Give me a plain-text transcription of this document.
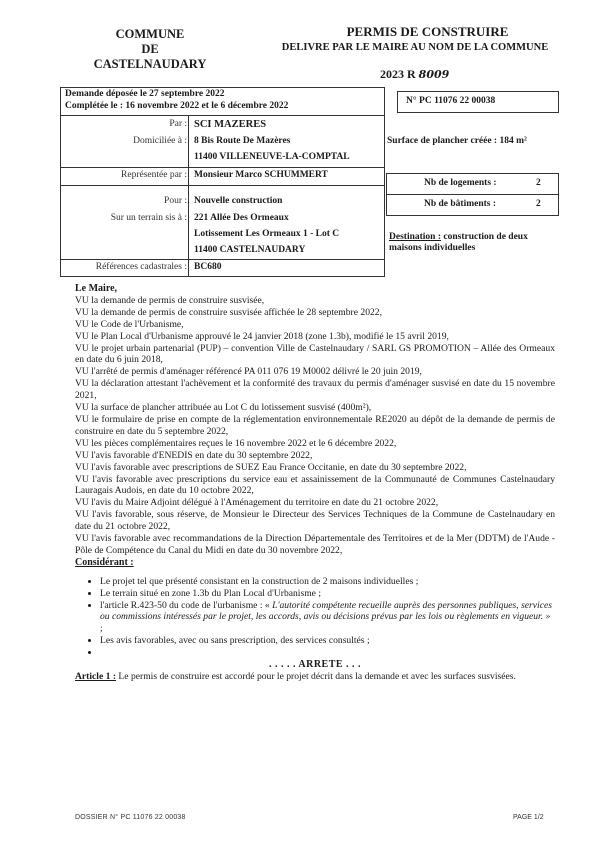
COMMUNE
DE
CASTELNAUDARY
PERMIS DE CONSTRUIRE
DELIVRE PAR LE MAIRE AU NOM DE LA COMMUNE
2023 R 8009
Demande déposée le 27 septembre 2022
Complétée le : 16 novembre 2022 et le 6 décembre 2022
Par : SCI MAZERES
Domiciliée à : 8 Bis Route De Mazères
11400 VILLENEUVE-LA-COMPTAL
Représentée par : Monsieur Marco SCHUMMERT
Pour : Nouvelle construction
Sur un terrain sis à : 221 Allée Des Ormeaux
Lotissement Les Ormeaux 1 - Lot C
11400 CASTELNAUDARY
Références cadastrales : BC680
N° PC 11076 22 00038
Surface de plancher créée : 184 m²
Nb de logements :	2
Nb de bâtiments :	2
Destination : construction de deux maisons individuelles

Le Maire,

VU la demande de permis de construire susvisée,

VU la demande de permis de construire susvisée affichée le 28 septembre 2022,

VU le Code de l'Urbanisme,

VU le Plan Local d'Urbanisme approuvé le 24 janvier 2018 (zone 1.3b), modifié le 15 avril 2019,

VU le projet urbain partenarial (PUP) – convention Ville de Castelnaudary / SARL GS PROMOTION – Allée des Ormeaux en date du 6 juin 2018,

VU l'arrêté de permis d'aménager référencé PA 011 076 19 M0002 délivré le 20 juin 2019,

VU la déclaration attestant l'achèvement et la conformité des travaux du permis d'aménager susvisé en date du 15 novembre 2021,

VU la surface de plancher attribuée au Lot C du lotissement susvisé (400m²),

VU le formulaire de prise en compte de la réglementation environnementale RE2020 au dépôt de la demande de permis de construire en date du 5 septembre 2022,

VU les pièces complémentaires reçues le 16 novembre 2022 et le 6 décembre 2022,

VU l'avis favorable d'ENEDIS en date du 30 septembre 2022,

VU l'avis favorable avec prescriptions de SUEZ Eau France Occitanie, en date du 30 septembre 2022,

VU l'avis favorable avec prescriptions du service eau et assainissement de la Communauté de Communes Castelnaudary Lauragais Audois, en date du 10 octobre 2022,

VU l'avis du Maire Adjoint délégué à l'Aménagement du territoire en date du 21 octobre 2022,

VU l'avis favorable, sous réserve, de Monsieur le Directeur des Services Techniques de la Commune de Castelnaudary en date du 21 octobre 2022,

VU l'avis favorable avec recommandations de la Direction Départementale des Territoires et de la Mer (DDTM) de l'Aude - Pôle de Compétence du Canal du Midi en date du 30 novembre 2022,

Considérant :

• Le projet tel que présenté consistant en la construction de 2 maisons individuelles ;
• Le terrain situé en zone 1.3b du Plan Local d'Urbanisme ;
• l'article R.423-50 du code de l'urbanisme : « L'autorité compétente recueille auprès des personnes publiques, services ou commissions intéressés par le projet, les accords, avis ou décisions prévus par les lois ou règlements en vigueur. » ;
• Les avis favorables, avec ou sans prescription, des services consultés ;
•

. . . . . ARRETE . . .

Article 1 : Le permis de construire est accordé pour le projet décrit dans la demande et avec les surfaces susvisées.

DOSSIER N° PC 11076 22 00038	PAGE 1/2
